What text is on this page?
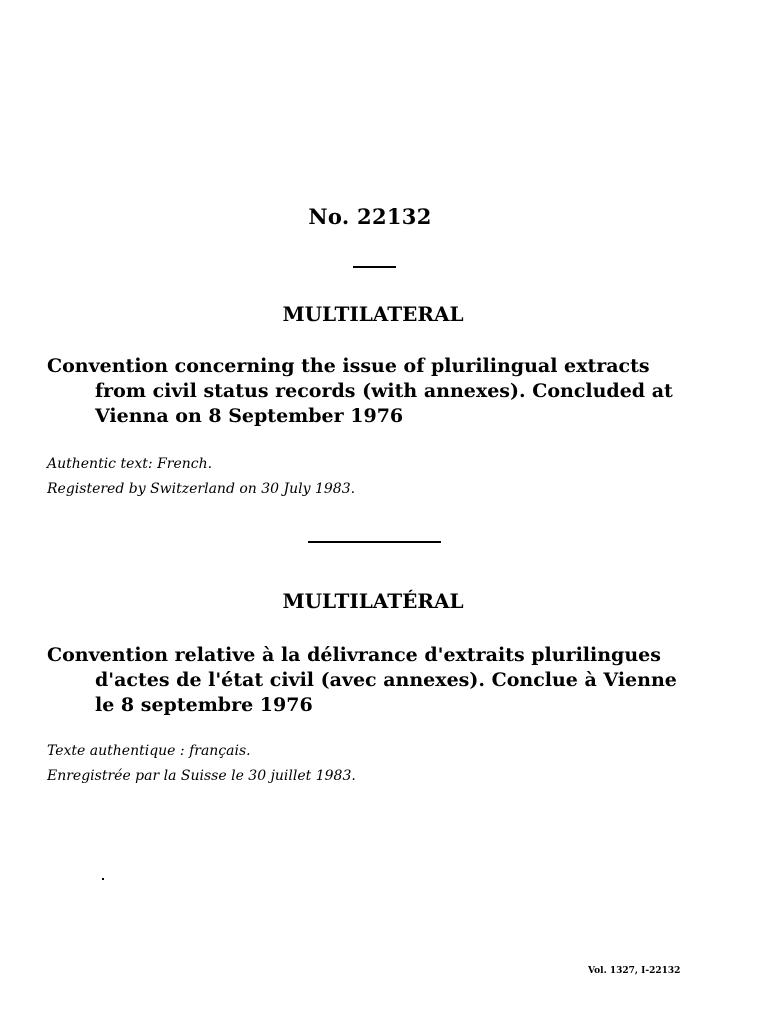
No. 22132
MULTILATERAL

Convention concerning the issue of plurilingual extracts
from civil status records (with annexes). Concluded at
Vienna on 8 September 1976

Authentic text: French.

Registered by Switzerland on 30 July 1983.

MULTILATÉRAL

Convention relative à la délivrance d'extraits plurilingues
d'actes de l'état civil (avec annexes). Conclue à Vienne
le 8 septembre 1976

Texte authentique : français.

Enregistrée par la Suisse le 30 juillet 1983.

Vol. 1327, I-22132
